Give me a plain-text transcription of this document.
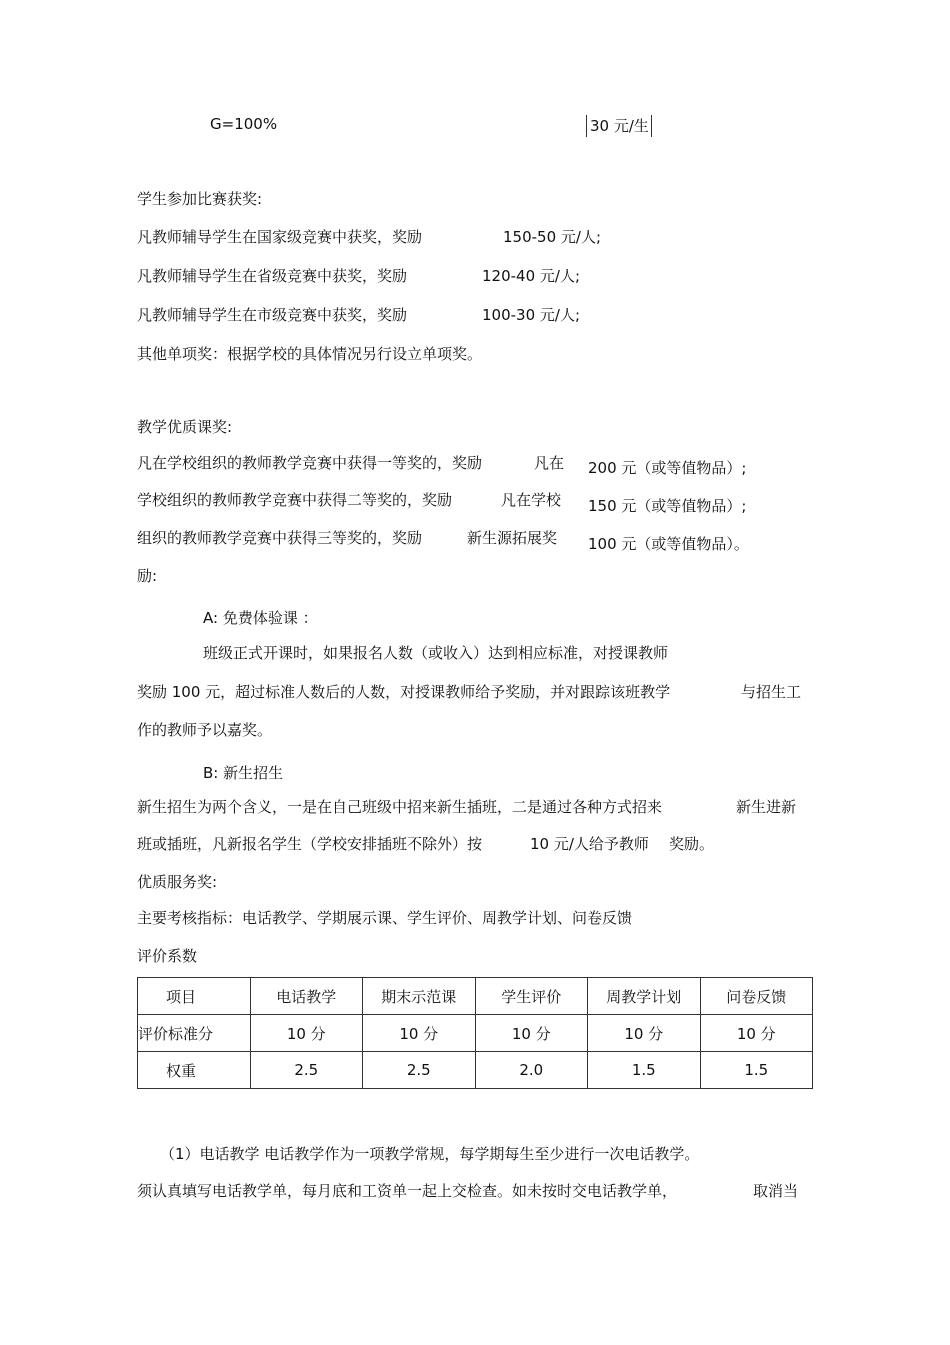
G=100%	30 元/生
学生参加比赛获奖:
凡教师辅导学生在国家级竞赛中获奖，奖励	150-50 元/人;
凡教师辅导学生在省级竞赛中获奖，奖励	120-40 元/人;
凡教师辅导学生在市级竞赛中获奖，奖励	100-30 元/人;
其他单项奖：根据学校的具体情况另行设立单项奖。
教学优质课奖:
凡在学校组织的教师教学竞赛中获得一等奖的，奖励	凡在 200 元（或等值物品）;
学校组织的教师教学竞赛中获得二等奖的，奖励	凡在学校 150 元（或等值物品）;
组织的教师教学竞赛中获得三等奖的，奖励	新生源拓展奖 100 元（或等值物品）。
励:
A: 免费体验课 ：
班级正式开课时，如果报名人数（或收入）达到相应标准，对授课教师
奖励 100 元，超过标准人数后的人数，对授课教师给予奖励，并对跟踪该班教学	与招生工
作的教师予以嘉奖。
B: 新生招生
新生招生为两个含义，一是在自己班级中招来新生插班，二是通过各种方式招来	新生进新
班或插班，凡新报名学生（学校安排插班不除外）按	10 元/人给予教师 奖励。
优质服务奖:
主要考核指标：电话教学、学期展示课、学生评价、周教学计划、问卷反馈
评价系数
项目	电话教学	期末示范课	学生评价	周教学计划	问卷反馈
评价标准分	10 分	10 分	10 分	10 分	10 分
权重	2.5	2.5	2.0	1.5	1.5
（1）电话教学 电话教学作为一项教学常规，每学期每生至少进行一次电话教学。
须认真填写电话教学单，每月底和工资单一起上交检查。如未按时交电话教学单，	取消当
